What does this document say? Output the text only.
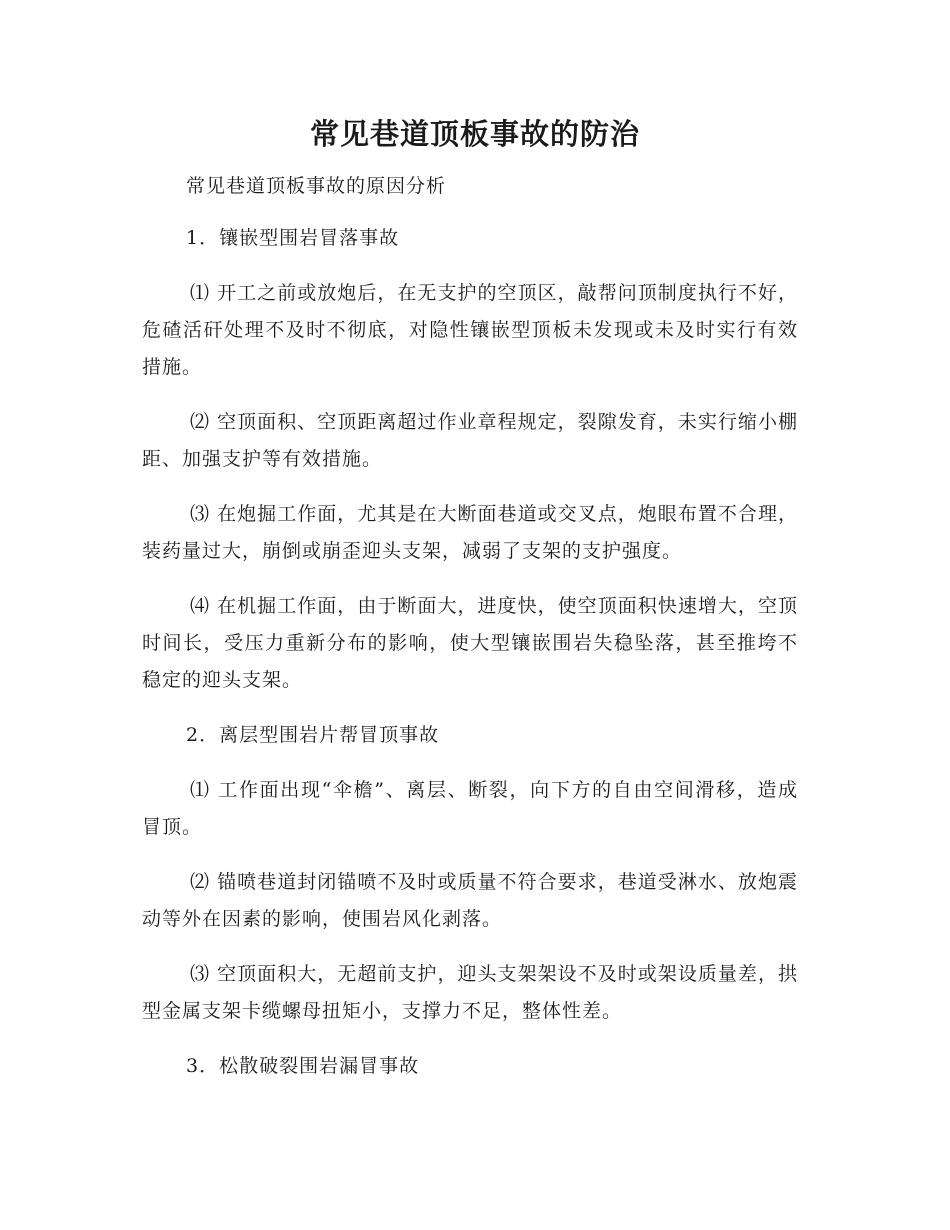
常见巷道顶板事故的防治

常见巷道顶板事故的原因分析

1．镶嵌型围岩冒落事故

⑴ 开工之前或放炮后，在无支护的空顶区，敲帮问顶制度执行不好，危碴活矸处理不及时不彻底，对隐性镶嵌型顶板未发现或未及时实行有效措施。

⑵ 空顶面积、空顶距离超过作业章程规定，裂隙发育，未实行缩小棚距、加强支护等有效措施。

⑶ 在炮掘工作面，尤其是在大断面巷道或交叉点，炮眼布置不合理，装药量过大，崩倒或崩歪迎头支架，减弱了支架的支护强度。

⑷ 在机掘工作面，由于断面大，进度快，使空顶面积快速增大，空顶时间长，受压力重新分布的影响，使大型镶嵌围岩失稳坠落，甚至推垮不稳定的迎头支架。

2．离层型围岩片帮冒顶事故

⑴ 工作面出现“伞檐”、离层、断裂，向下方的自由空间滑移，造成冒顶。

⑵ 锚喷巷道封闭锚喷不及时或质量不符合要求，巷道受淋水、放炮震动等外在因素的影响，使围岩风化剥落。

⑶ 空顶面积大，无超前支护，迎头支架架设不及时或架设质量差，拱型金属支架卡缆螺母扭矩小，支撑力不足，整体性差。

3．松散破裂围岩漏冒事故
